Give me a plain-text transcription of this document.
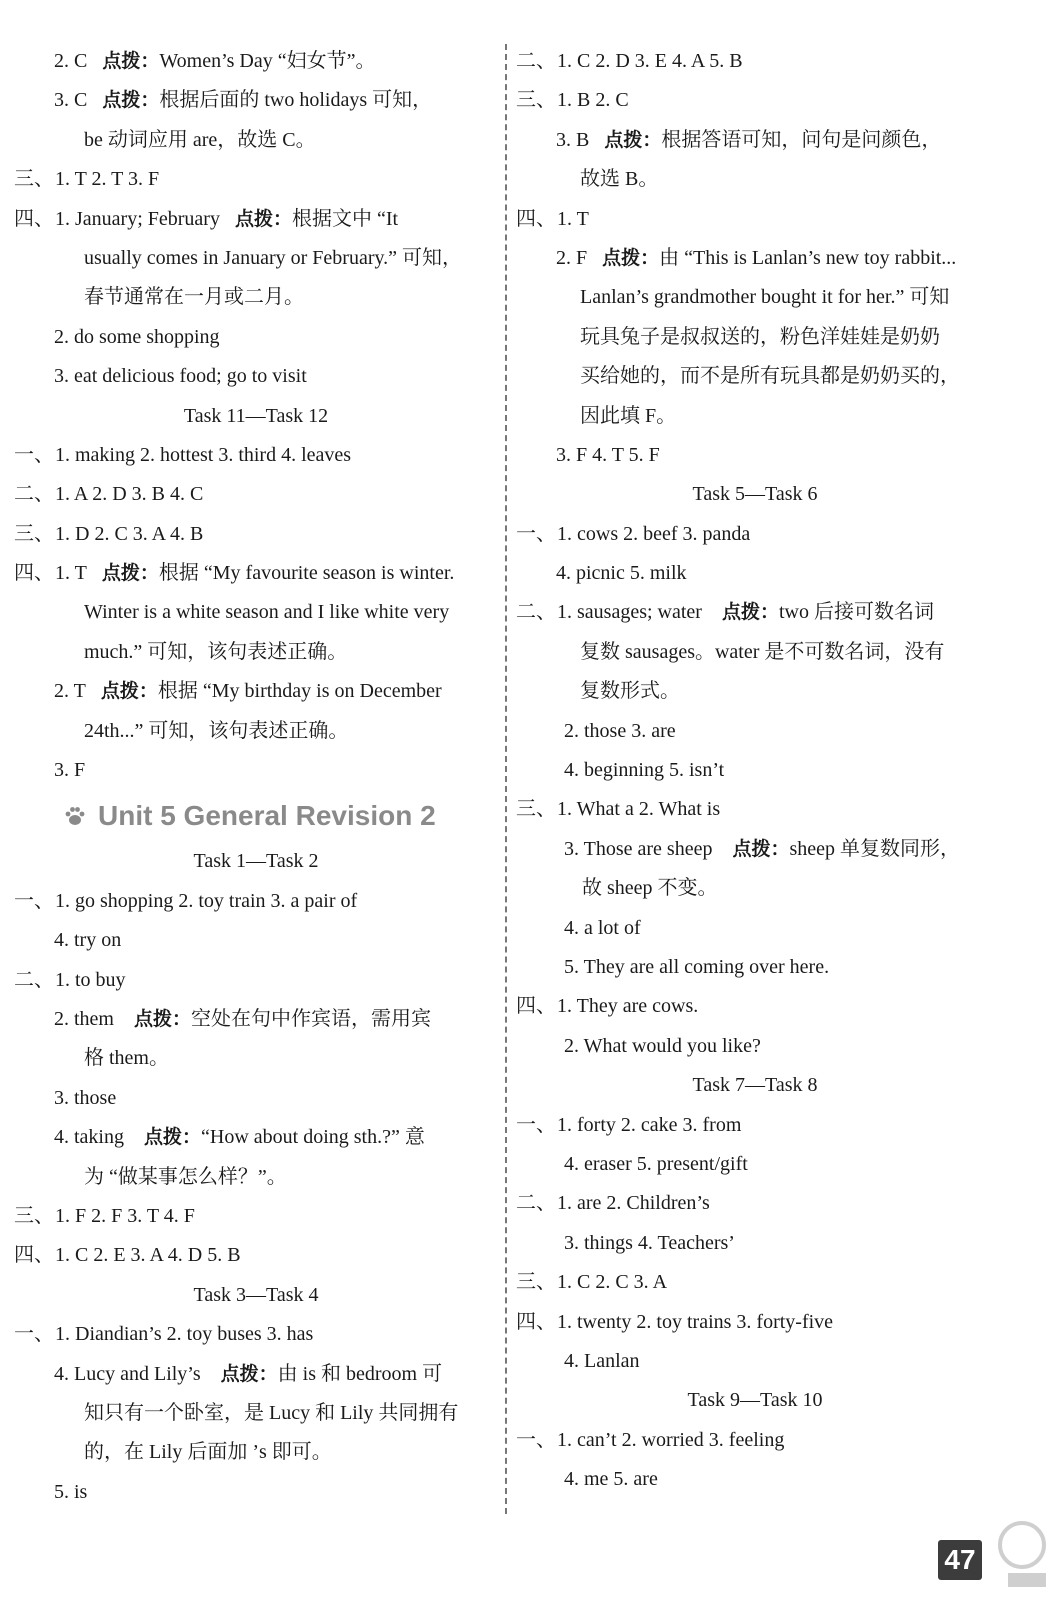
2. C 点拨：Women’s Day “妇女节”。
3. C 点拨：根据后面的 two holidays 可知，
be 动词应用 are，故选 C。
三、1. T 2. T 3. F
四、1. January; February 点拨：根据文中 “It
usually comes in January or February.” 可知，
春节通常在一月或二月。
2. do some shopping
3. eat delicious food; go to visit
Task 11—Task 12
一、1. making 2. hottest 3. third 4. leaves
二、1. A 2. D 3. B 4. C
三、1. D 2. C 3. A 4. B
四、1. T 点拨：根据 “My favourite season is winter.
Winter is a white season and I like white very
much.” 可知，该句表述正确。
2. T 点拨：根据 “My birthday is on December
24th...” 可知，该句表述正确。
3. F
Unit 5 General Revision 2
Task 1—Task 2
一、1. go shopping 2. toy train 3. a pair of
4. try on
二、1. to buy
2. them 点拨：空处在句中作宾语，需用宾
格 them。
3. those
4. taking 点拨：“How about doing sth.?” 意
为 “做某事怎么样？”。
三、1. F 2. F 3. T 4. F
四、1. C 2. E 3. A 4. D 5. B
Task 3—Task 4
一、1. Diandian’s 2. toy buses 3. has
4. Lucy and Lily’s 点拨：由 is 和 bedroom 可
知只有一个卧室，是 Lucy 和 Lily 共同拥有
的，在 Lily 后面加 ’s 即可。
5. is
二、1. C 2. D 3. E 4. A 5. B
三、1. B 2. C
3. B 点拨：根据答语可知，问句是问颜色，
故选 B。
四、1. T
2. F 点拨：由 “This is Lanlan’s new toy rabbit...
Lanlan’s grandmother bought it for her.” 可知
玩具兔子是叔叔送的，粉色洋娃娃是奶奶
买给她的，而不是所有玩具都是奶奶买的，
因此填 F。
3. F 4. T 5. F
Task 5—Task 6
一、1. cows 2. beef 3. panda
4. picnic 5. milk
二、1. sausages; water 点拨：two 后接可数名词
复数 sausages。water 是不可数名词，没有
复数形式。
2. those 3. are
4. beginning 5. isn’t
三、1. What a 2. What is
3. Those are sheep 点拨：sheep 单复数同形，
故 sheep 不变。
4. a lot of
5. They are all coming over here.
四、1. They are cows.
2. What would you like?
Task 7—Task 8
一、1. forty 2. cake 3. from
4. eraser 5. present/gift
二、1. are 2. Children’s
3. things 4. Teachers’
三、1. C 2. C 3. A
四、1. twenty 2. toy trains 3. forty-five
4. Lanlan
Task 9—Task 10
一、1. can’t 2. worried 3. feeling
4. me 5. are
47
